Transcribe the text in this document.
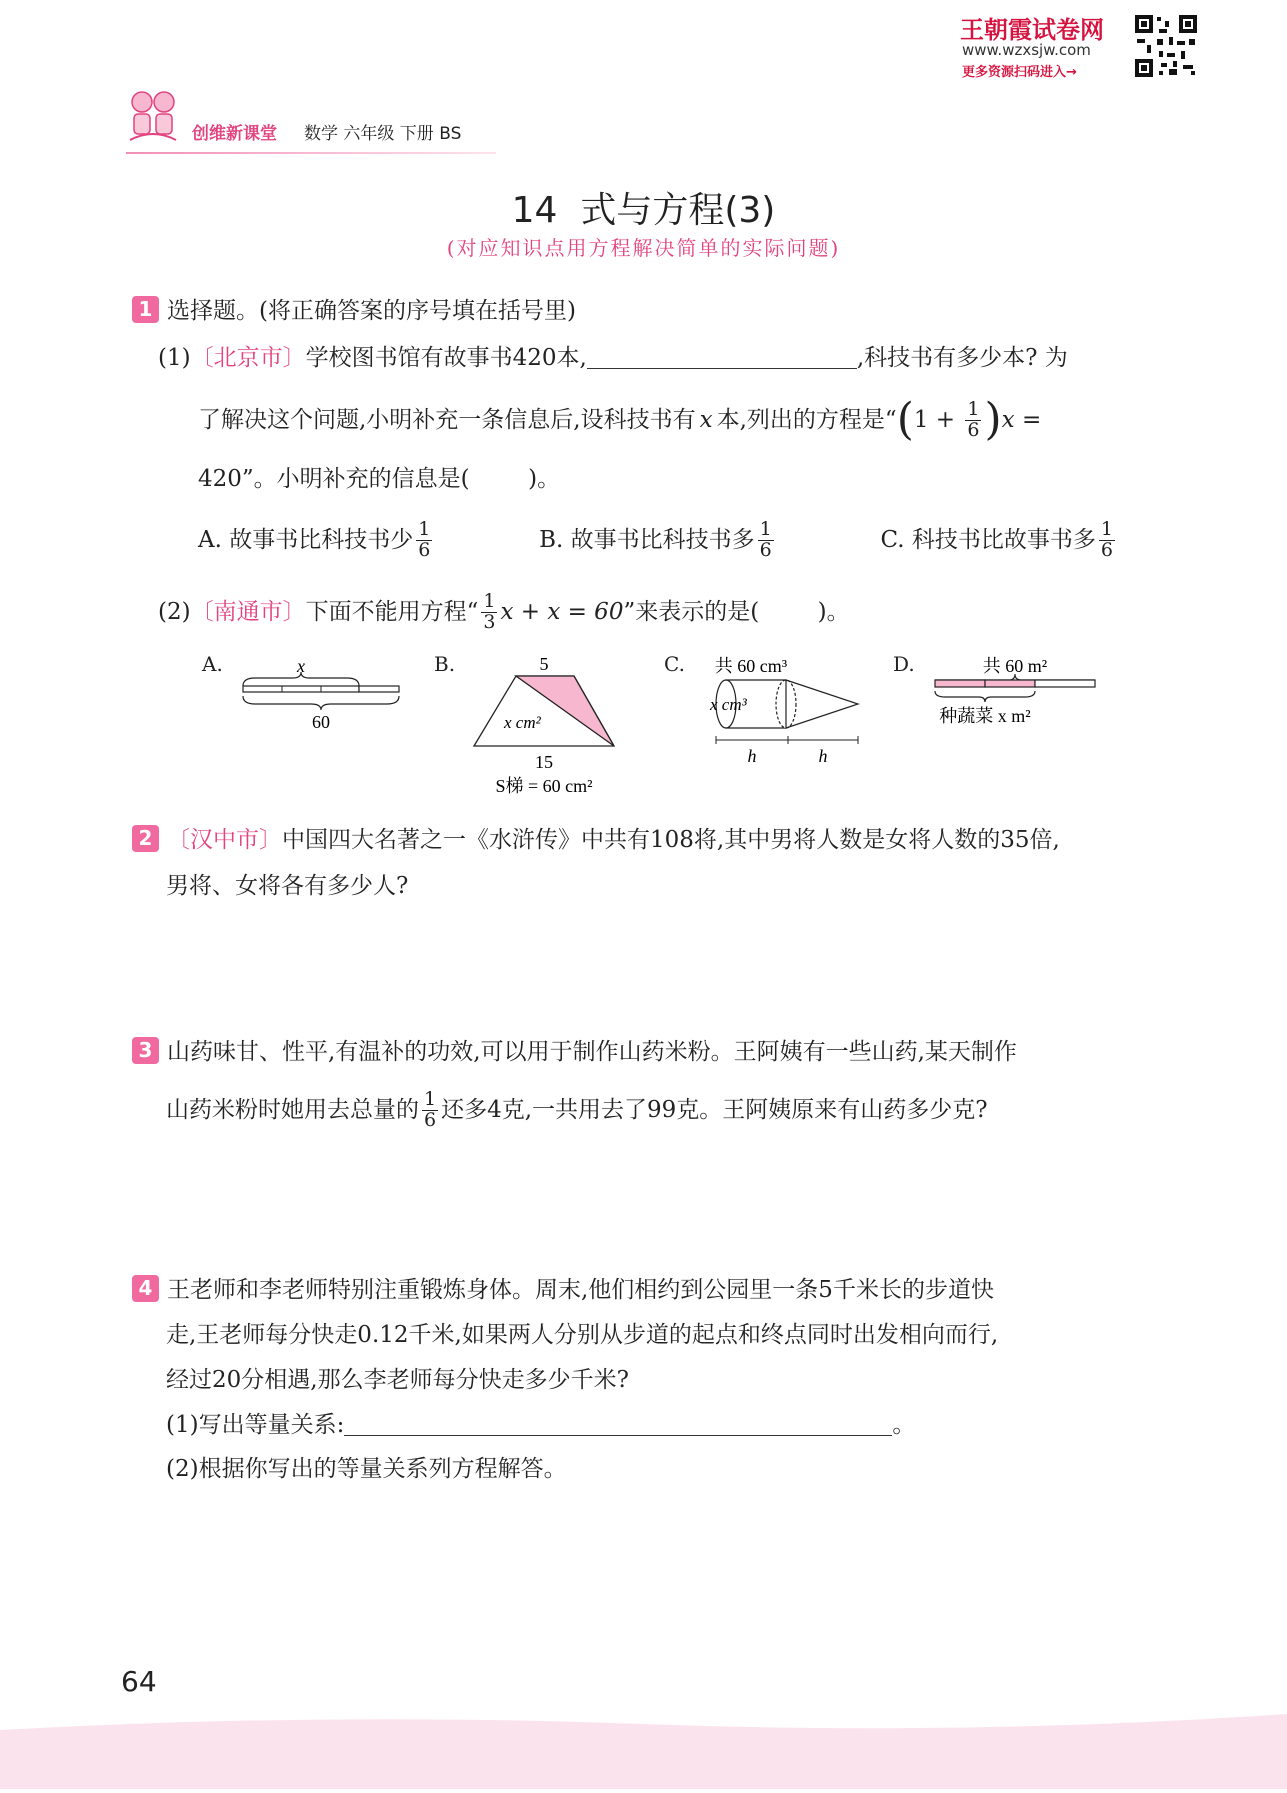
创维新课堂 数学 六年级 下册 BS
王朝霞试卷网
www.wzxsjw.com
更多资源扫码进入→
14  式与方程(3)
(对应知识点用方程解决简单的实际问题)
1 选择题。(将正确答案的序号填在括号里)
(1)〔北京市〕学校图书馆有故事书420本,	,科技书有多少本? 为
了解决这个问题,小明补充一条信息后,设科技书有 x 本,列出的方程是“ ( $1 + \frac{1}{6}$ ) x =
420”。小明补充的信息是(        )。
A. 故事书比科技书少 $\frac{1}{6}$	B. 故事书比科技书多 $\frac{1}{6}$	C. 科技书比故事书多 $\frac{1}{6}$
(2) 〔南通市〕 下面不能用方程“ $\frac{1}{3}$ x + x = 60 ”来表示的是(        )。
A.	x
60
B.	5
x cm²
15
S梯 = 60 cm²
C. 共 60 cm³
x cm³
h	h
D.	共 60 m²
种蔬菜 x m²
2 〔汉中市〕中国四大名著之一《水浒传》中共有108将,其中男将人数是女将人数的35倍,
男将、女将各有多少人?
3 山药味甘、性平,有温补的功效,可以用于制作山药米粉。王阿姨有一些山药,某天制作
山药米粉时她用去总量的 $\frac{1}{6}$ 还多4克,一共用去了99克。王阿姨原来有山药多少克?
4 王老师和李老师特别注重锻炼身体。周末,他们相约到公园里一条5千米长的步道快
走,王老师每分快走0.12千米,如果两人分别从步道的起点和终点同时出发相向而行,
经过20分相遇,那么李老师每分快走多少千米?
(1)写出等量关系:	。
(2)根据你写出的等量关系列方程解答。
64
